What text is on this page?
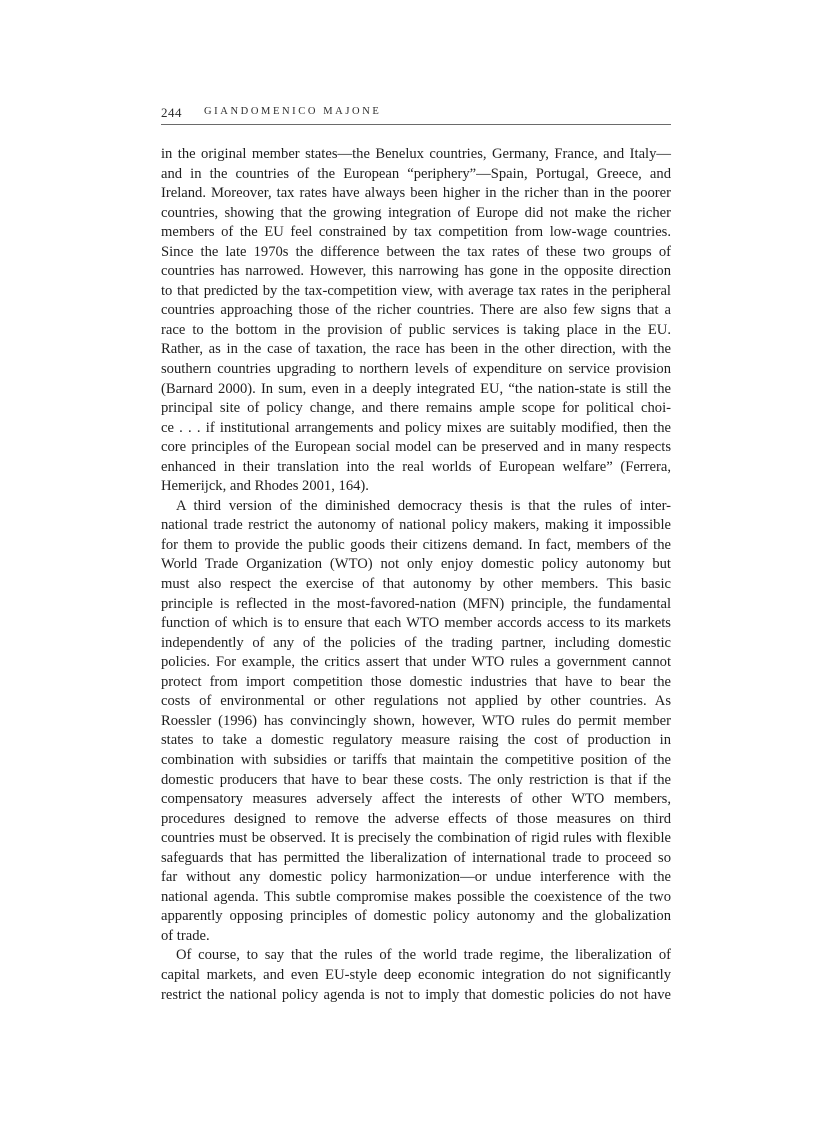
244 GIANDOMENICO MAJONE

in the original member states—the Benelux countries, Germany, France, and Italy—
and in the countries of the European “periphery”—Spain, Portugal, Greece, and
Ireland. Moreover, tax rates have always been higher in the richer than in the poorer
countries, showing that the growing integration of Europe did not make the richer
members of the EU feel constrained by tax competition from low-wage countries.
Since the late 1970s the difference between the tax rates of these two groups of
countries has narrowed. However, this narrowing has gone in the opposite direction
to that predicted by the tax-competition view, with average tax rates in the peripheral
countries approaching those of the richer countries. There are also few signs that a
race to the bottom in the provision of public services is taking place in the EU.
Rather, as in the case of taxation, the race has been in the other direction, with the
southern countries upgrading to northern levels of expenditure on service provision
(Barnard 2000). In sum, even in a deeply integrated EU, “the nation-state is still the
principal site of policy change, and there remains ample scope for political choi-
ce . . . if institutional arrangements and policy mixes are suitably modified, then the
core principles of the European social model can be preserved and in many respects
enhanced in their translation into the real worlds of European welfare” (Ferrera,
Hemerijck, and Rhodes 2001, 164).

A third version of the diminished democracy thesis is that the rules of inter-
national trade restrict the autonomy of national policy makers, making it impossible
for them to provide the public goods their citizens demand. In fact, members of the
World Trade Organization (WTO) not only enjoy domestic policy autonomy but
must also respect the exercise of that autonomy by other members. This basic
principle is reflected in the most-favored-nation (MFN) principle, the fundamental
function of which is to ensure that each WTO member accords access to its markets
independently of any of the policies of the trading partner, including domestic
policies. For example, the critics assert that under WTO rules a government cannot
protect from import competition those domestic industries that have to bear the
costs of environmental or other regulations not applied by other countries. As
Roessler (1996) has convincingly shown, however, WTO rules do permit member
states to take a domestic regulatory measure raising the cost of production in
combination with subsidies or tariffs that maintain the competitive position of the
domestic producers that have to bear these costs. The only restriction is that if the
compensatory measures adversely affect the interests of other WTO members,
procedures designed to remove the adverse effects of those measures on third
countries must be observed. It is precisely the combination of rigid rules with flexible
safeguards that has permitted the liberalization of international trade to proceed so
far without any domestic policy harmonization—or undue interference with the
national agenda. This subtle compromise makes possible the coexistence of the two
apparently opposing principles of domestic policy autonomy and the globalization
of trade.

Of course, to say that the rules of the world trade regime, the liberalization of
capital markets, and even EU-style deep economic integration do not significantly
restrict the national policy agenda is not to imply that domestic policies do not have
